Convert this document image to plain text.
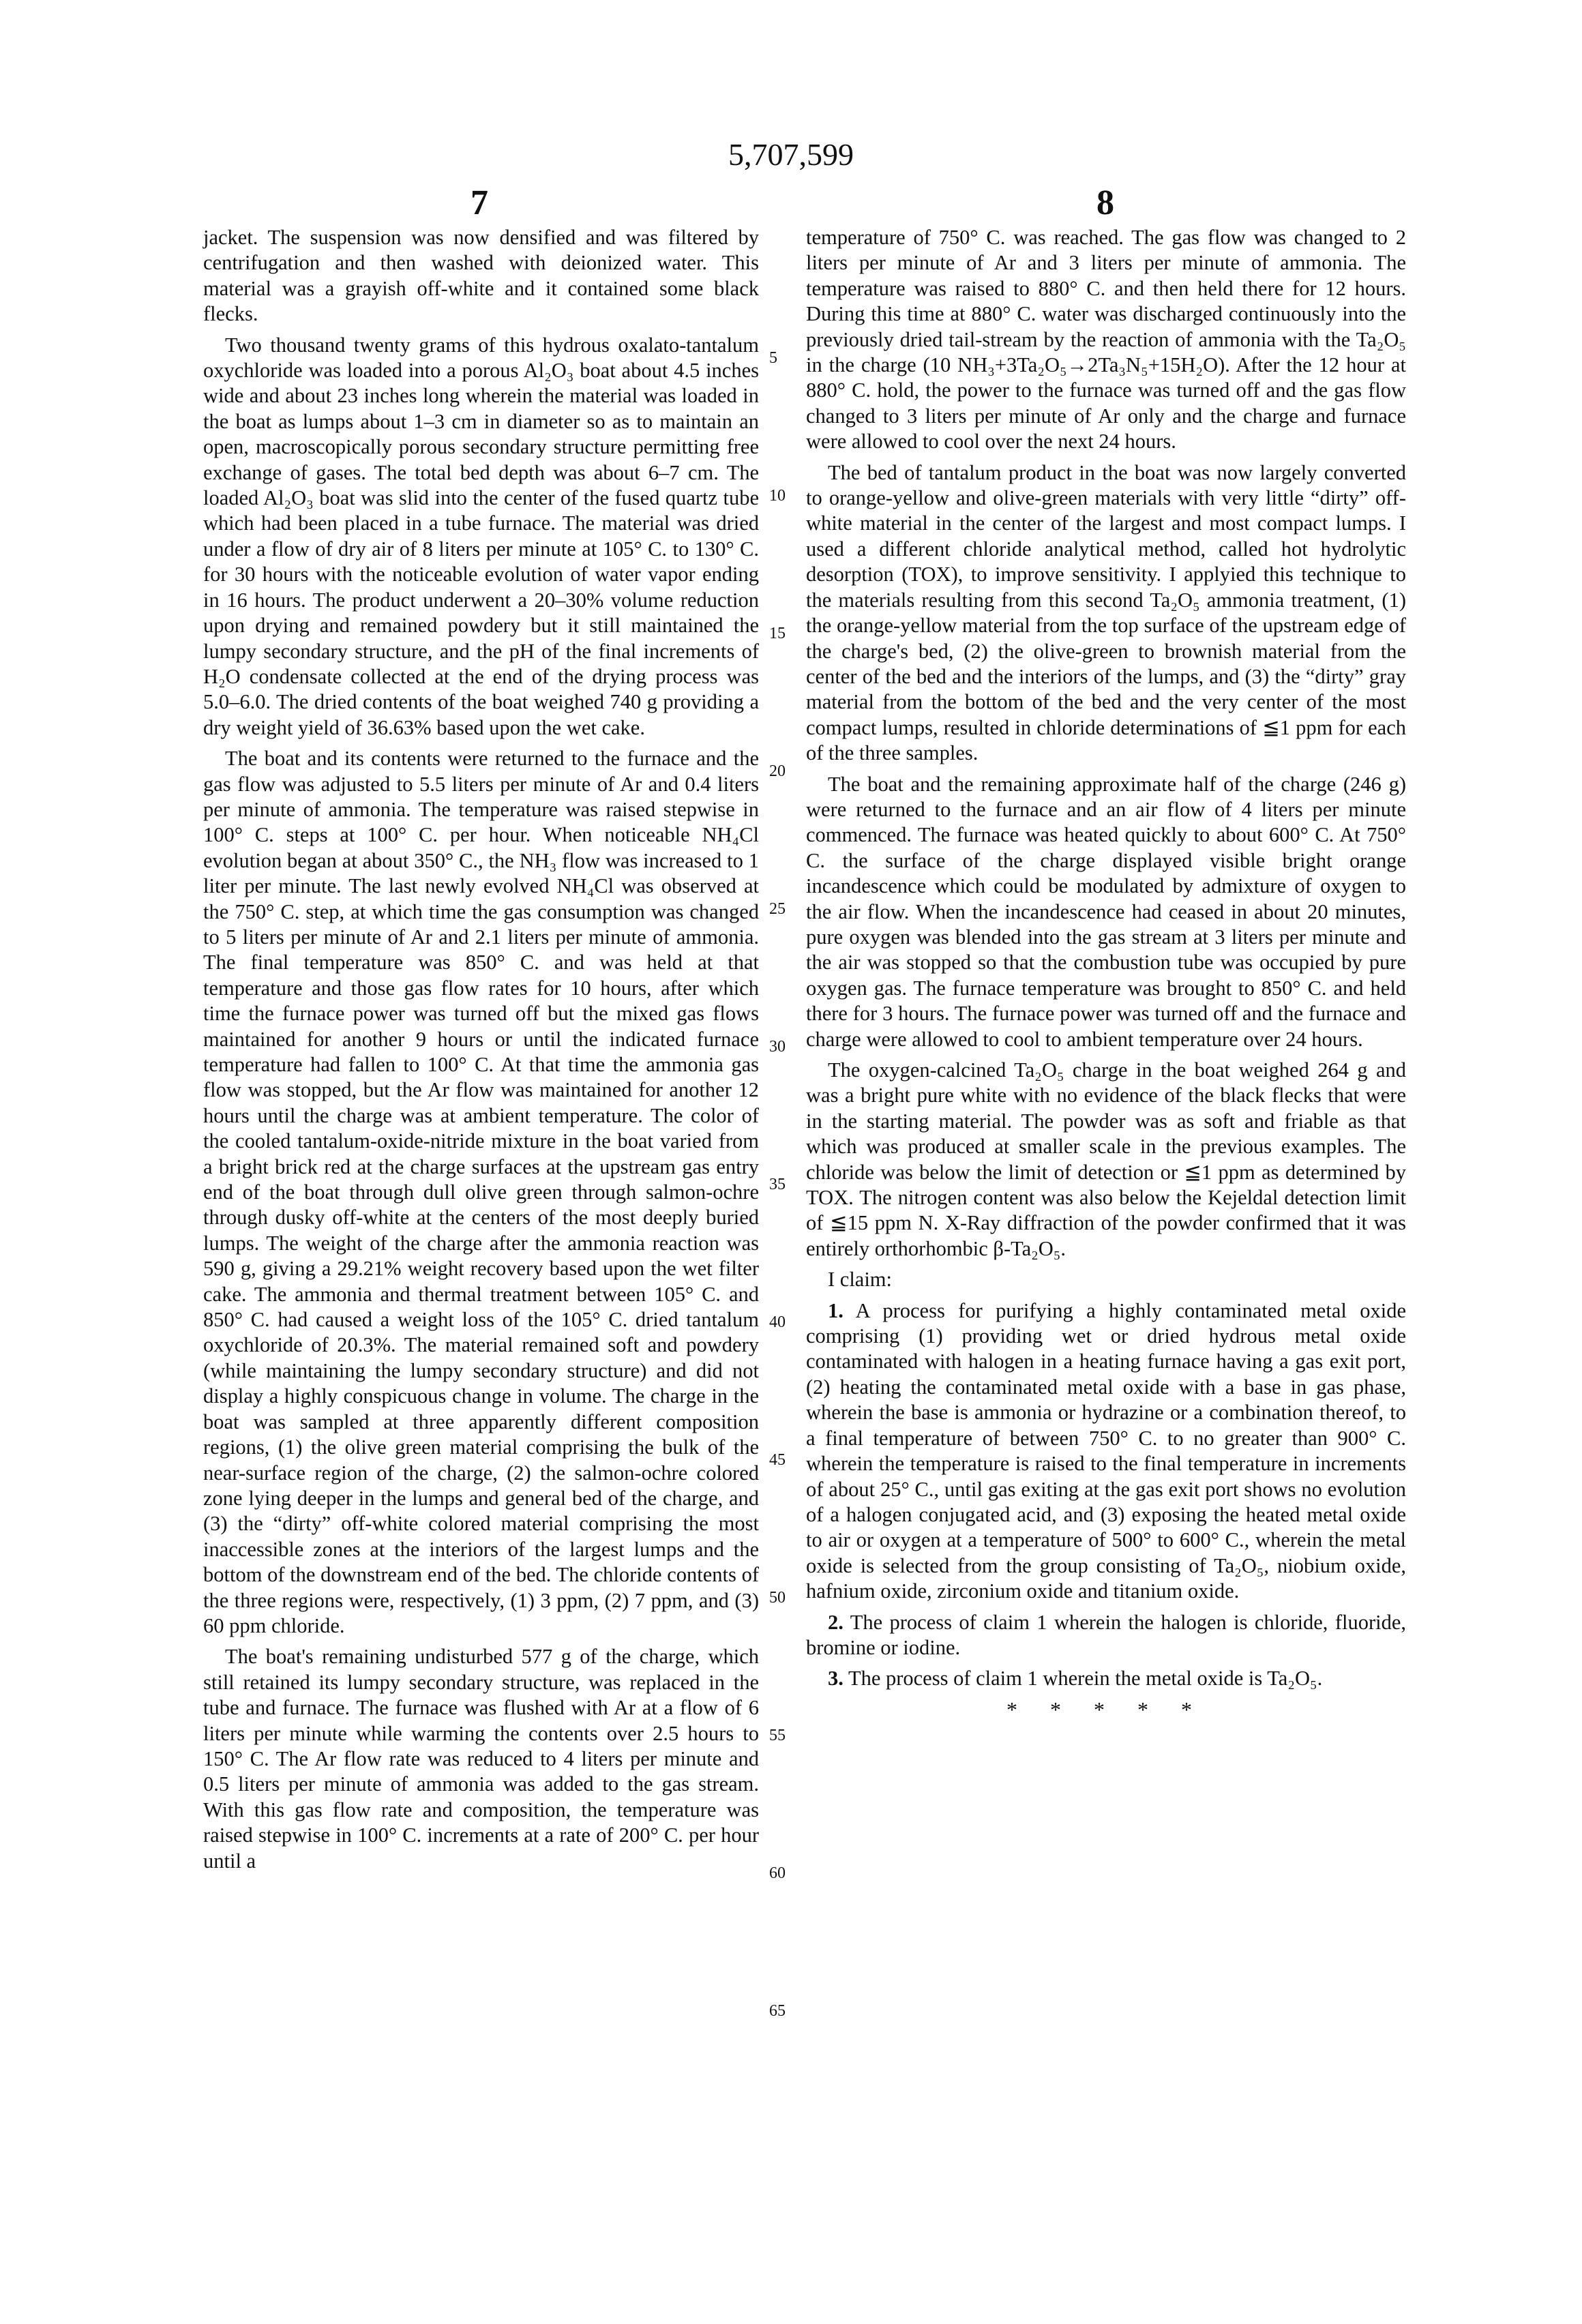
5,707,599
7	8

jacket. The suspension was now densified and was filtered by centrifugation and then washed with deionized water. This material was a grayish off-white and it contained some black flecks.

Two thousand twenty grams of this hydrous oxalato-tantalum oxychloride was loaded into a porous Al₂O₃ boat about 4.5 inches wide and about 23 inches long wherein the material was loaded in the boat as lumps about 1–3 cm in diameter so as to maintain an open, macroscopically porous secondary structure permitting free exchange of gases. The total bed depth was about 6–7 cm. The loaded Al₂O₃ boat was slid into the center of the fused quartz tube which had been placed in a tube furnace. The material was dried under a flow of dry air of 8 liters per minute at 105° C. to 130° C. for 30 hours with the noticeable evolution of water vapor ending in 16 hours. The product underwent a 20–30% volume reduction upon drying and remained powdery but it still maintained the lumpy secondary structure, and the pH of the final increments of H₂O condensate collected at the end of the drying process was 5.0–6.0. The dried contents of the boat weighed 740 g providing a dry weight yield of 36.63% based upon the wet cake.

The boat and its contents were returned to the furnace and the gas flow was adjusted to 5.5 liters per minute of Ar and 0.4 liters per minute of ammonia. The temperature was raised stepwise in 100° C. steps at 100° C. per hour. When noticeable NH₄Cl evolution began at about 350° C., the NH₃ flow was increased to 1 liter per minute. The last newly evolved NH₄Cl was observed at the 750° C. step, at which time the gas consumption was changed to 5 liters per minute of Ar and 2.1 liters per minute of ammonia. The final temperature was 850° C. and was held at that temperature and those gas flow rates for 10 hours, after which time the furnace power was turned off but the mixed gas flows maintained for another 9 hours or until the indicated furnace temperature had fallen to 100° C. At that time the ammonia gas flow was stopped, but the Ar flow was maintained for another 12 hours until the charge was at ambient temperature. The color of the cooled tantalum-oxide-nitride mixture in the boat varied from a bright brick red at the charge surfaces at the upstream gas entry end of the boat through dull olive green through salmon-ochre through dusky off-white at the centers of the most deeply buried lumps. The weight of the charge after the ammonia reaction was 590 g, giving a 29.21% weight recovery based upon the wet filter cake. The ammonia and thermal treatment between 105° C. and 850° C. had caused a weight loss of the 105° C. dried tantalum oxychloride of 20.3%. The material remained soft and powdery (while maintaining the lumpy secondary structure) and did not display a highly conspicuous change in volume. The charge in the boat was sampled at three apparently different composition regions, (1) the olive green material comprising the bulk of the near-surface region of the charge, (2) the salmon-ochre colored zone lying deeper in the lumps and general bed of the charge, and (3) the “dirty” off-white colored material comprising the most inaccessible zones at the interiors of the largest lumps and the bottom of the downstream end of the bed. The chloride contents of the three regions were, respectively, (1) 3 ppm, (2) 7 ppm, and (3) 60 ppm chloride.

The boat's remaining undisturbed 577 g of the charge, which still retained its lumpy secondary structure, was replaced in the tube and furnace. The furnace was flushed with Ar at a flow of 6 liters per minute while warming the contents over 2.5 hours to 150° C. The Ar flow rate was reduced to 4 liters per minute and 0.5 liters per minute of ammonia was added to the gas stream. With this gas flow rate and composition, the temperature was raised stepwise in 100° C. increments at a rate of 200° C. per hour until a

temperature of 750° C. was reached. The gas flow was changed to 2 liters per minute of Ar and 3 liters per minute of ammonia. The temperature was raised to 880° C. and then held there for 12 hours. During this time at 880° C. water was discharged continuously into the previously dried tail-stream by the reaction of ammonia with the Ta₂O₅ in the charge (10 NH₃+3Ta₂O₅→2Ta₃N₅+15H₂O). After the 12 hour at 880° C. hold, the power to the furnace was turned off and the gas flow changed to 3 liters per minute of Ar only and the charge and furnace were allowed to cool over the next 24 hours.

The bed of tantalum product in the boat was now largely converted to orange-yellow and olive-green materials with very little “dirty” off-white material in the center of the largest and most compact lumps. I used a different chloride analytical method, called hot hydrolytic desorption (TOX), to improve sensitivity. I applyied this technique to the materials resulting from this second Ta₂O₅ ammonia treatment, (1) the orange-yellow material from the top surface of the upstream edge of the charge's bed, (2) the olive-green to brownish material from the center of the bed and the interiors of the lumps, and (3) the “dirty” gray material from the bottom of the bed and the very center of the most compact lumps, resulted in chloride determinations of ≦1 ppm for each of the three samples.

The boat and the remaining approximate half of the charge (246 g) were returned to the furnace and an air flow of 4 liters per minute commenced. The furnace was heated quickly to about 600° C. At 750° C. the surface of the charge displayed visible bright orange incandescence which could be modulated by admixture of oxygen to the air flow. When the incandescence had ceased in about 20 minutes, pure oxygen was blended into the gas stream at 3 liters per minute and the air was stopped so that the combustion tube was occupied by pure oxygen gas. The furnace temperature was brought to 850° C. and held there for 3 hours. The furnace power was turned off and the furnace and charge were allowed to cool to ambient temperature over 24 hours.

The oxygen-calcined Ta₂O₅ charge in the boat weighed 264 g and was a bright pure white with no evidence of the black flecks that were in the starting material. The powder was as soft and friable as that which was produced at smaller scale in the previous examples. The chloride was below the limit of detection or ≦1 ppm as determined by TOX. The nitrogen content was also below the Kejeldal detection limit of ≦15 ppm N. X-Ray diffraction of the powder confirmed that it was entirely orthorhombic β-Ta₂O₅.

I claim:

1. A process for purifying a highly contaminated metal oxide comprising (1) providing wet or dried hydrous metal oxide contaminated with halogen in a heating furnace having a gas exit port, (2) heating the contaminated metal oxide with a base in gas phase, wherein the base is ammonia or hydrazine or a combination thereof, to a final temperature of between 750° C. to no greater than 900° C. wherein the temperature is raised to the final temperature in increments of about 25° C., until gas exiting at the gas exit port shows no evolution of a halogen conjugated acid, and (3) exposing the heated metal oxide to air or oxygen at a temperature of 500° to 600° C., wherein the metal oxide is selected from the group consisting of Ta₂O₅, niobium oxide, hafnium oxide, zirconium oxide and titanium oxide.

2. The process of claim 1 wherein the halogen is chloride, fluoride, bromine or iodine.

3. The process of claim 1 wherein the metal oxide is Ta₂O₅.

* * * * *

5
10
15
20
25
30
35
40
45
50
55
60
65
